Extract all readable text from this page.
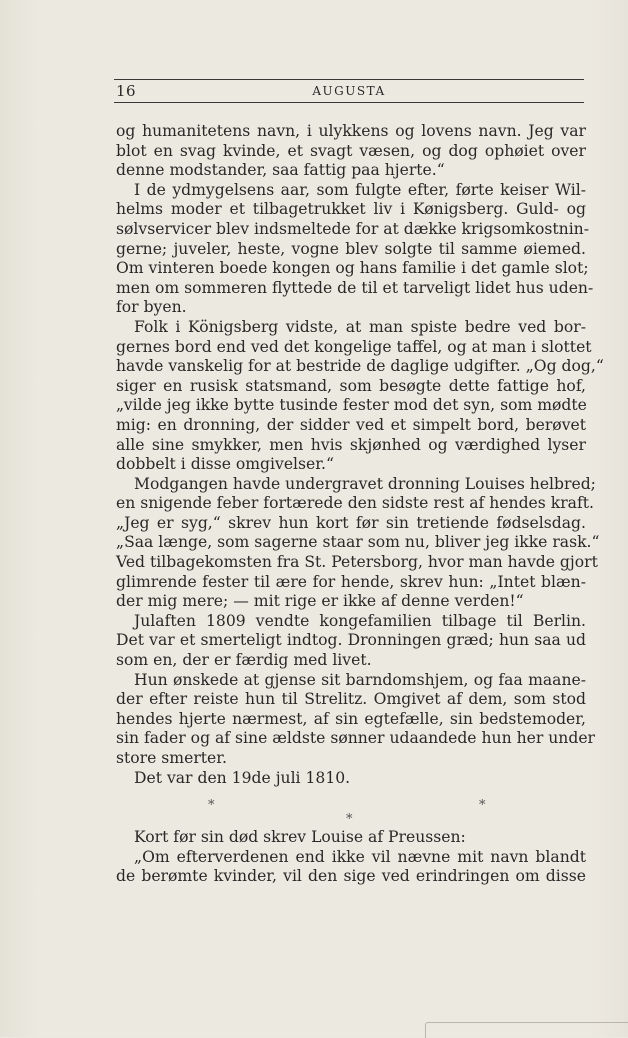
16	AUGUSTA
og humanitetens navn, i ulykkens og lovens navn. Jeg var
blot en svag kvinde, et svagt væsen, og dog ophøiet over
denne modstander, saa fattig paa hjerte.“
I de ydmygelsens aar, som fulgte efter, førte keiser Wil-
helms moder et tilbagetrukket liv i Kønigsberg. Guld- og
sølvservicer blev indsmeltede for at dække krigsomkostnin-
gerne; juveler, heste, vogne blev solgte til samme øiemed.
Om vinteren boede kongen og hans familie i det gamle slot;
men om sommeren flyttede de til et tarveligt lidet hus uden-
for byen.
Folk i Königsberg vidste, at man spiste bedre ved bor-
gernes bord end ved det kongelige taffel, og at man i slottet
havde vanskelig for at bestride de daglige udgifter. „Og dog,“
siger en rusisk statsmand, som besøgte dette fattige hof,
„vilde jeg ikke bytte tusinde fester mod det syn, som mødte
mig: en dronning, der sidder ved et simpelt bord, berøvet
alle sine smykker, men hvis skjønhed og værdighed lyser
dobbelt i disse omgivelser.“
Modgangen havde undergravet dronning Louises helbred;
en snigende feber fortærede den sidste rest af hendes kraft.
„Jeg er syg,“ skrev hun kort før sin tretiende fødselsdag.
„Saa længe, som sagerne staar som nu, bliver jeg ikke rask.“
Ved tilbagekomsten fra St. Petersborg, hvor man havde gjort
glimrende fester til ære for hende, skrev hun: „Intet blæn-
der mig mere; — mit rige er ikke af denne verden!“
Julaften 1809 vendte kongefamilien tilbage til Berlin.
Det var et smerteligt indtog. Dronningen græd; hun saa ud
som en, der er færdig med livet.
Hun ønskede at gjense sit barndomshjem, og faa maane-
der efter reiste hun til Strelitz. Omgivet af dem, som stod
hendes hjerte nærmest, af sin egtefælle, sin bedstemoder,
sin fader og af sine ældste sønner udaandede hun her under
store smerter.
Det var den 19de juli 1810.
*	*
*
Kort før sin død skrev Louise af Preussen:
„Om efterverdenen end ikke vil nævne mit navn blandt
de berømte kvinder, vil den sige ved erindringen om disse
